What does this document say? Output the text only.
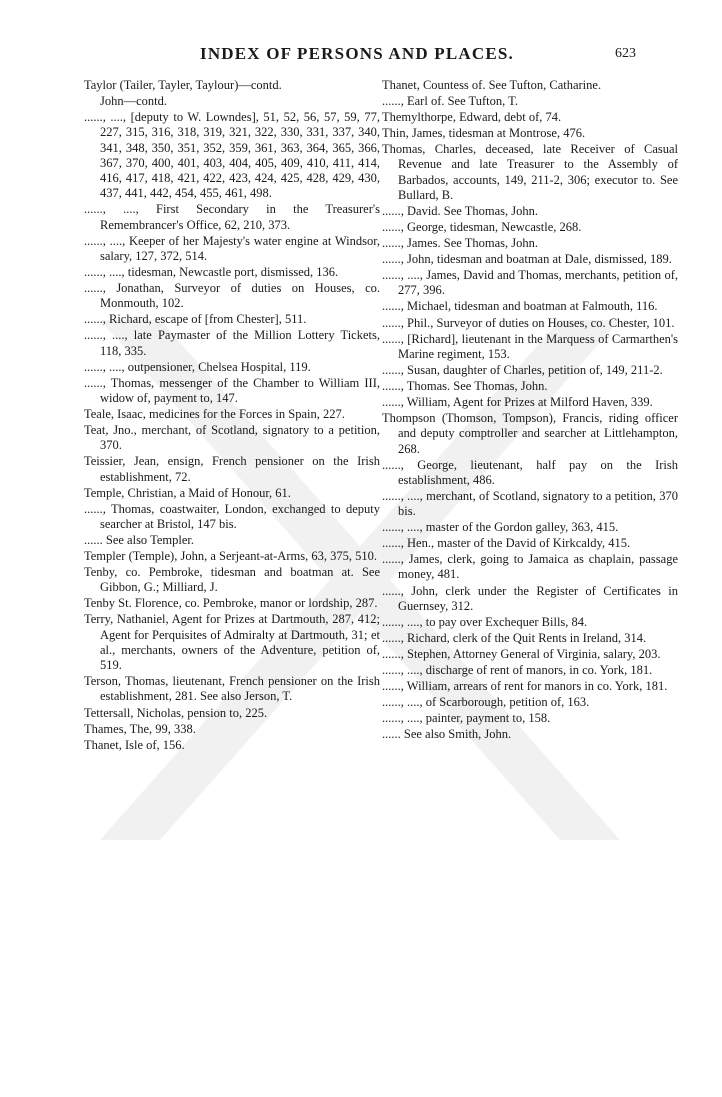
INDEX OF PERSONS AND PLACES.	623
Taylor (Tailer, Tayler, Taylour)—contd.
John—contd.
......, ...., [deputy to W. Lowndes], 51, 52, 56, 57, 59, 77, 227, 315, 316, 318, 319, 321, 322, 330, 331, 337, 340, 341, 348, 350, 351, 352, 359, 361, 363, 364, 365, 366, 367, 370, 400, 401, 403, 404, 405, 409, 410, 411, 414, 416, 417, 418, 421, 422, 423, 424, 425, 428, 429, 430, 437, 441, 442, 454, 455, 461, 498.
......, ...., First Secondary in the Treasurer's Remembrancer's Office, 62, 210, 373.
......, ...., Keeper of her Majesty's water engine at Windsor, salary, 127, 372, 514.
......, ...., tidesman, Newcastle port, dismissed, 136.
......, Jonathan, Surveyor of duties on Houses, co. Monmouth, 102.
......, Richard, escape of [from Chester], 511.
......, ...., late Paymaster of the Million Lottery Tickets, 118, 335.
......, ...., outpensioner, Chelsea Hospital, 119.
......, Thomas, messenger of the Chamber to William III, widow of, payment to, 147.
Teale, Isaac, medicines for the Forces in Spain, 227.
Teat, Jno., merchant, of Scotland, signatory to a petition, 370.
Teissier, Jean, ensign, French pensioner on the Irish establishment, 72.
Temple, Christian, a Maid of Honour, 61.
......, Thomas, coastwaiter, London, exchanged to deputy searcher at Bristol, 147 bis.
...... See also Templer.
Templer (Temple), John, a Serjeant-at-Arms, 63, 375, 510.
Tenby, co. Pembroke, tidesman and boatman at. See Gibbon, G.; Milliard, J.
Tenby St. Florence, co. Pembroke, manor or lordship, 287.
Terry, Nathaniel, Agent for Prizes at Dartmouth, 287, 412; Agent for Perquisites of Admiralty at Dartmouth, 31; et al., merchants, owners of the Adventure, petition of, 519.
Terson, Thomas, lieutenant, French pensioner on the Irish establishment, 281. See also Jerson, T.
Tettersall, Nicholas, pension to, 225.
Thames, The, 99, 338.
Thanet, Isle of, 156.
Thanet, Countess of. See Tufton, Catharine.
......, Earl of. See Tufton, T.
Themylthorpe, Edward, debt of, 74.
Thin, James, tidesman at Montrose, 476.
Thomas, Charles, deceased, late Receiver of Casual Revenue and late Treasurer to the Assembly of Barbados, accounts, 149, 211-2, 306; executor to. See Bullard, B.
......, David. See Thomas, John.
......, George, tidesman, Newcastle, 268.
......, James. See Thomas, John.
......, John, tidesman and boatman at Dale, dismissed, 189.
......, ...., James, David and Thomas, merchants, petition of, 277, 396.
......, Michael, tidesman and boatman at Falmouth, 116.
......, Phil., Surveyor of duties on Houses, co. Chester, 101.
......, [Richard], lieutenant in the Marquess of Carmarthen's Marine regiment, 153.
......, Susan, daughter of Charles, petition of, 149, 211-2.
......, Thomas. See Thomas, John.
......, William, Agent for Prizes at Milford Haven, 339.
Thompson (Thomson, Tompson), Francis, riding officer and deputy comptroller and searcher at Littlehampton, 268.
......, George, lieutenant, half pay on the Irish establishment, 486.
......, ...., merchant, of Scotland, signatory to a petition, 370 bis.
......, ...., master of the Gordon galley, 363, 415.
......, Hen., master of the David of Kirkcaldy, 415.
......, James, clerk, going to Jamaica as chaplain, passage money, 481.
......, John, clerk under the Register of Certificates in Guernsey, 312.
......, ...., to pay over Exchequer Bills, 84.
......, Richard, clerk of the Quit Rents in Ireland, 314.
......, Stephen, Attorney General of Virginia, salary, 203.
......, ...., discharge of rent of manors, in co. York, 181.
......, William, arrears of rent for manors in co. York, 181.
......, ...., of Scarborough, petition of, 163.
......, ...., painter, payment to, 158.
...... See also Smith, John.
